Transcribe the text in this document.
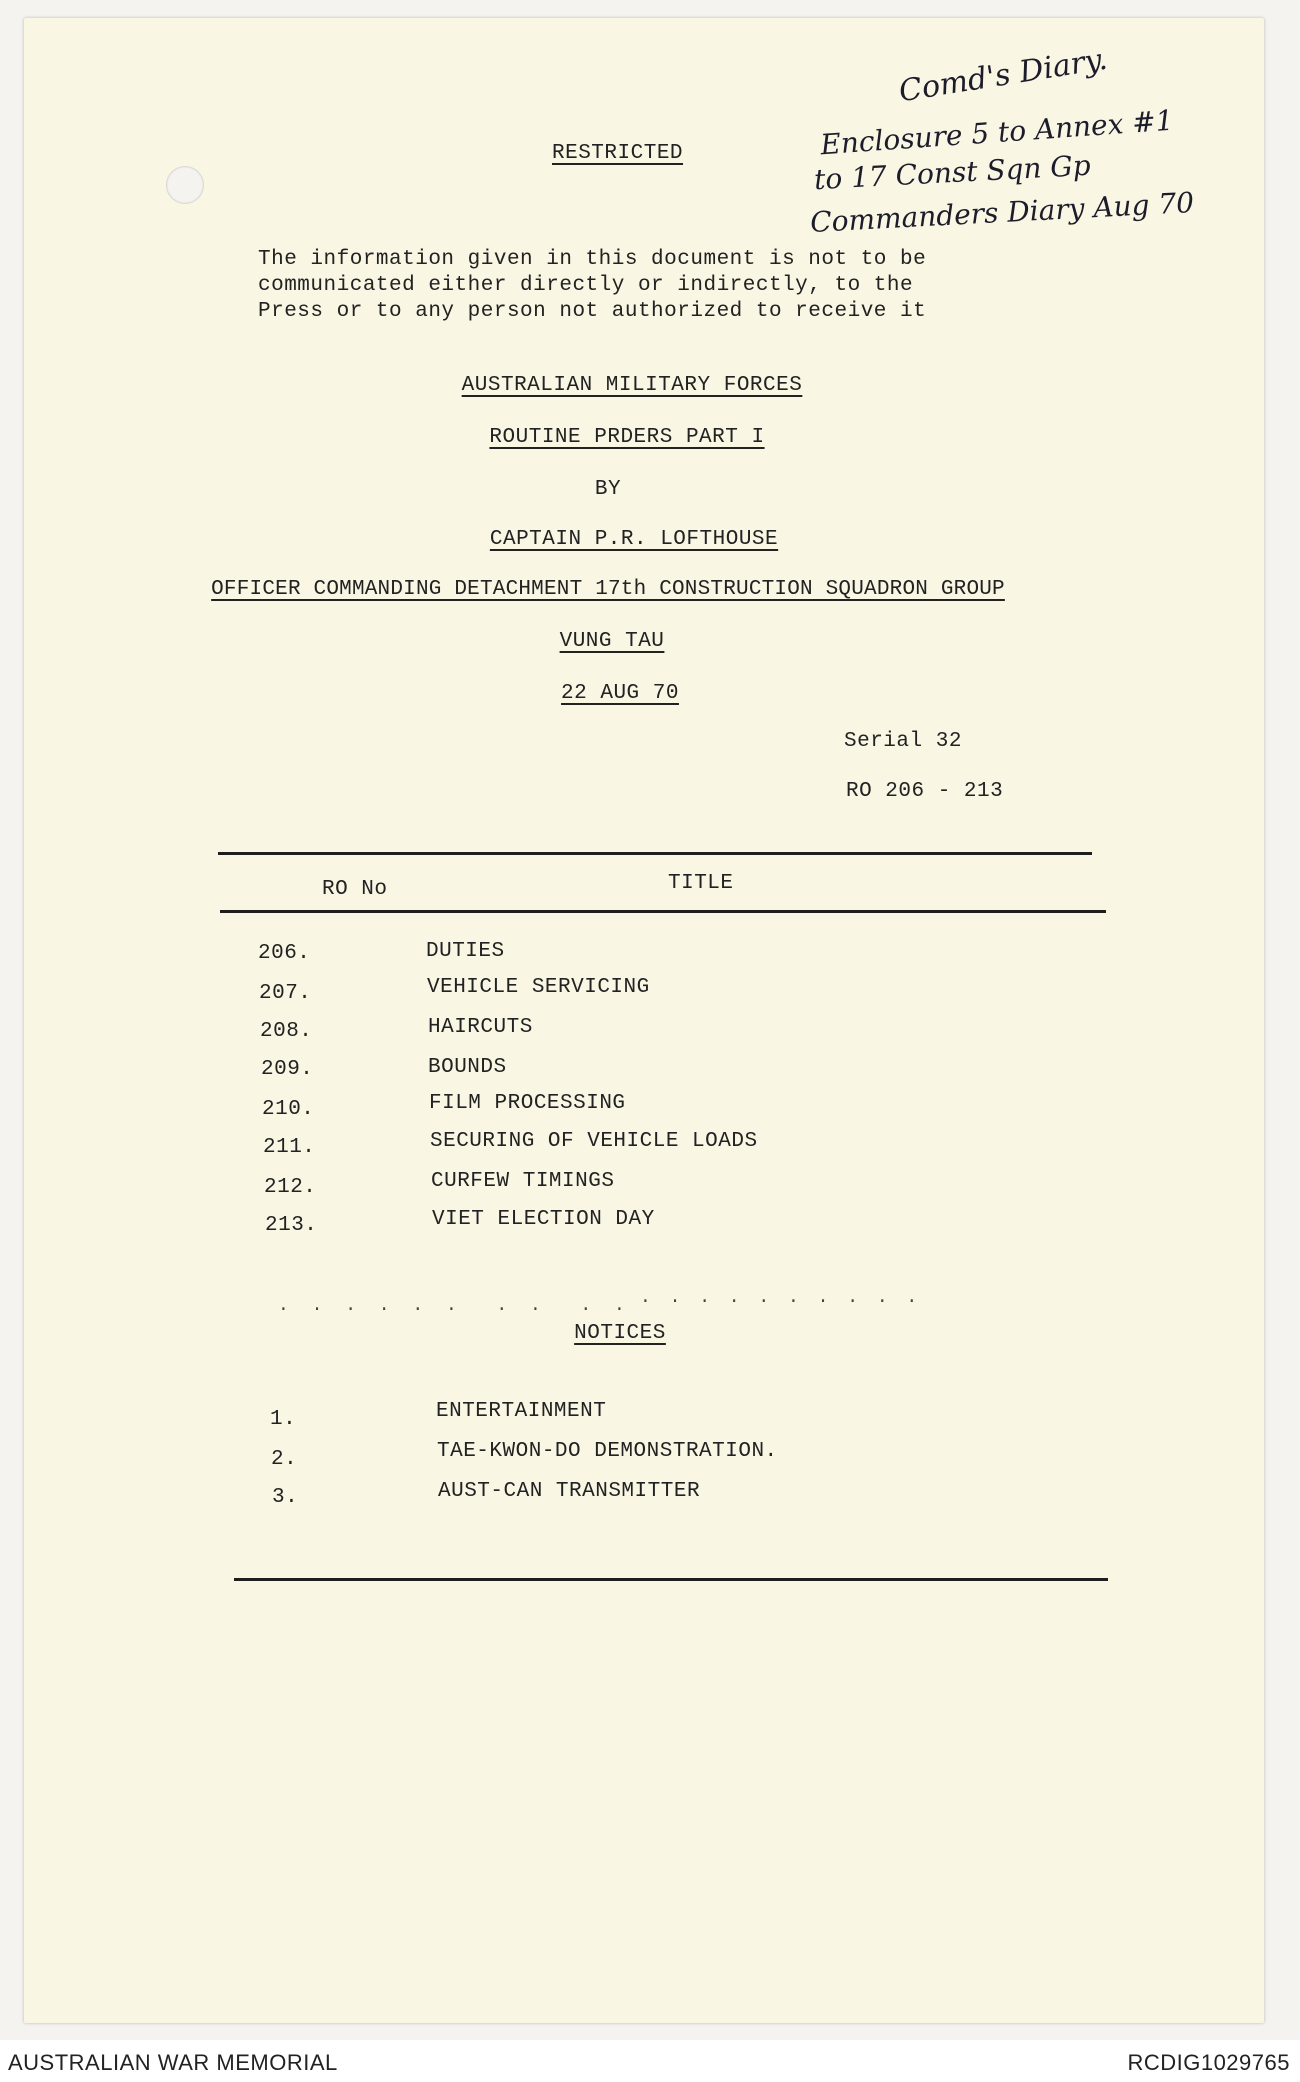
Comd's Diary.
Enclosure 5 to Annex #1
to 17 Const Sqn Gp
Commanders Diary Aug 70
RESTRICTED
The information given in this document is not to be
communicated either directly or indirectly, to the
Press or to any person not authorized to receive it
AUSTRALIAN MILITARY FORCES
ROUTINE PRDERS PART I
BY
CAPTAIN P.R. LOFTHOUSE
OFFICER COMMANDING DETACHMENT 17th CONSTRUCTION SQUADRON GROUP
VUNG TAU
22 AUG 70
Serial 32
RO 206 - 213
RO No	TITLE
206.	DUTIES
207.	VEHICLE SERVICING
208.	HAIRCUTS
209.	BOUNDS
210.	FILM PROCESSING
211.	SECURING OF VEHICLE LOADS
212.	CURFEW TIMINGS
213.	VIET ELECTION DAY
. . . . . .  . .  . . . . . . . . . . . .
NOTICES
1.	ENTERTAINMENT
2.	TAE-KWON-DO DEMONSTRATION.
3.	AUST-CAN TRANSMITTER
AUSTRALIAN WAR MEMORIAL	RCDIG1029765
